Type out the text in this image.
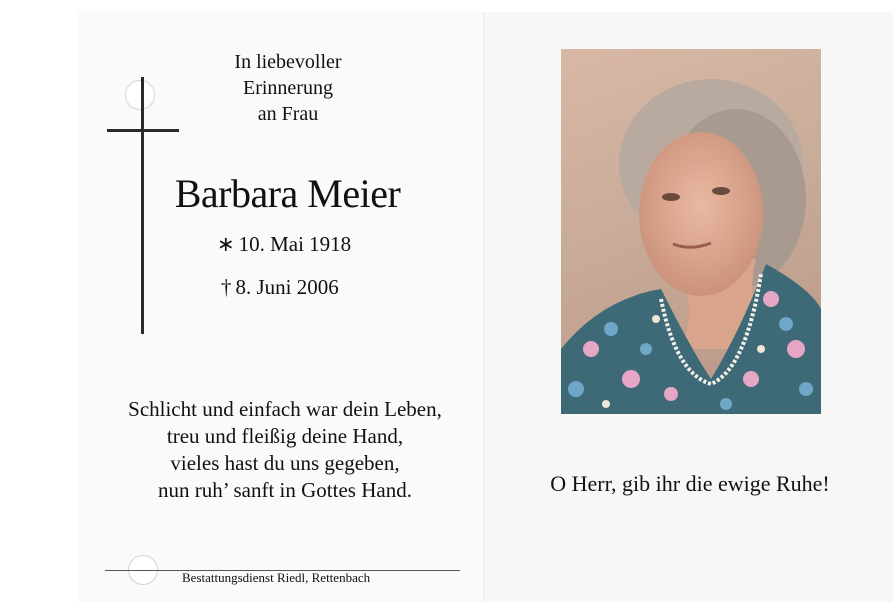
In liebevoller
Erinnerung
an Frau
Barbara Meier
∗ 10. Mai 1918
† 8. Juni 2006
Schlicht und einfach war dein Leben,
treu und fleißig deine Hand,
vieles hast du uns gegeben,
nun ruh’ sanft in Gottes Hand.
Bestattungsdienst Riedl, Rettenbach
O Herr, gib ihr die ewige Ruhe!
